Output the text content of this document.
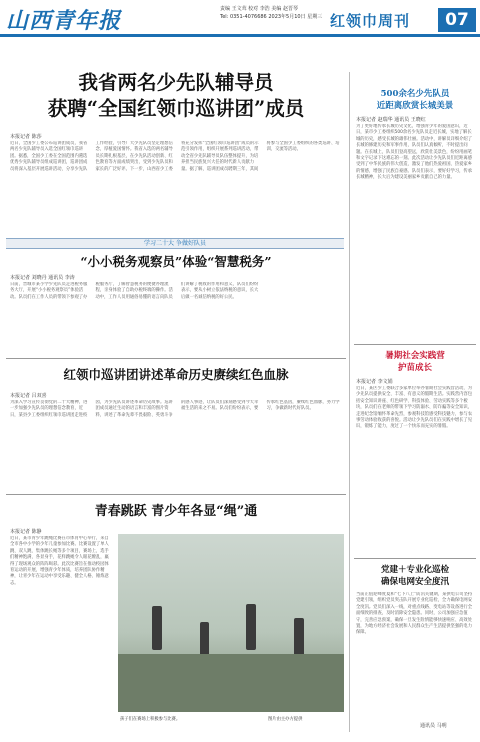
山西青年报	责编 王文茸 校对 李浩 美编 赵晋琴
Tel: 0351-4076686 2023年5月10日 星期三 红领巾周刊	07
我省两名少先队辅导员
获聘“全国红领巾巡讲团”成员
本报记者 陈莎
近日，全国少工委公布巡讲团成员，我省两名少先队辅导员入选全国红领巾巡讲团。据悉，全国少工委在全国范围内遴选优秀少先队辅导员组成巡讲团，巡讲团成员将深入基层开展巡讲活动，分享少先队工作经验，引导广大少先队员坚定理想信念，厚植爱国情怀。我省入选的两名辅导员长期扎根基层，在少先队活动创新、红色教育等方面成绩突出，受到少先队员和家长的广泛好评。下一步，山西省少工委将充分发挥“全国红领巾巡讲团”成员的示范引领作用，组织开展系列巡讲活动，带动全省少先队辅导员队伍整体提升，为培养担当民族复兴大任的时代新人贡献力量。据了解，巡讲团成员聘期三年，其间将参与全国少工委组织的各类巡讲、培训、交流等活动。
学习二十大 争做好队员
“小小税务观察员”体验“智慧税务”
本报记者 刘晓丹 通讯员 李涛
日前，晋城市某小学少先队员走进税务服务大厅，开展“小小税务观察员”体验活动。队员们在工作人员的带领下参观了办税服务厅，了解智慧税务的便捷办理流程，亲身体验了自助办税终端的操作。活动中，工作人员用通俗易懂的语言向队员们讲解了税收的作用和意义，队员们纷纷表示，要从小树立依法纳税的意识，长大后做一名诚信纳税的好公民。
红领巾巡讲团讲述革命历史赓续红色血脉
本报记者 吕双喜
为深入学习宣传贯彻党的二十大精神，进一步加强少先队员的理想信念教育，近日，某县少工委组织红领巾巡讲团走进校园，为少先队员讲述革命历史故事。巡讲团成员通过生动的语言和丰富的图片资料，讲述了革命先辈不畏艰险、英勇斗争的感人事迹，让队员们深刻感受到今天幸福生活的来之不易。队员们纷纷表示，要传承红色基因，赓续红色血脉，努力学习，争做新时代好队员。
青春跳跃 青少年各显“绳”通
本报记者 陈静
近日，某市青少年跳绳比赛在市体育中心举行，来自全市各中小学的少年儿童参加比赛。比赛设置了单人跳、双人跳、集体跳长绳等多个项目，赛场上，选手们精神饱满，各显身手，花样跳绳令人眼花缭乱，赢得了现场观众的阵阵喝彩。此次比赛旨在推动校园体育运动的开展，增强青少年体质，培养团队协作精神，让青少年在运动中享受乐趣、健全人格、锤炼意志。
孩子们在赛场上积极参与比赛。	图片由主办方提供
500余名少先队员
近距离欣赏长城美景
本报记者 赵瑞华 通讯员 王晓红
为了更好地传承长城历史文化，增强青少年的爱国意识，近日，某市少工委组织500余名少先队员走近长城，实地了解长城的历史，感受长城的雄伟壮丽。活动中，讲解员详细介绍了长城的修建历史和军事作用，队员们认真倾听，不时提出问题。在长城上，队员们登高望远，欣赏壮美景色，纷纷用画笔和文字记录下这难忘的一刻。此次活动让少先队员们近距离感受到了中华民族的伟大创造，激发了他们热爱祖国、热爱家乡的情感，增强了民族自豪感。队员们表示，要好好学习，传承长城精神，长大后为建设美丽家乡贡献自己的力量。
暑期社会实践营
护苗成长
本报记者 李文娟
近日，某区少工委联合多家单位举办暑期社会实践营活动，为少先队员提供安全、丰富、有意义的假期生活。实践营内容包括安全知识讲座、红色研学、科技体验、劳动实践等多个板块，队员们在老师的带领下学习防溺水、防诈骗等安全知识，走进纪念馆缅怀革命先烈，参观科技馆感受科技魅力，参与农事劳动体验收获的喜悦。活动让少先队员们在实践中增长了见识，锻炼了能力，度过了一个快乐而充实的暑假。
党建＋专业化巡检
确保电网安全度汛
当前正值迎峰度夏和“七下八上”防汛关键期，某供电公司坚持党建引领，组织党员突击队开展专业化巡检，全力确保电网安全度汛。党员们深入一线，对重点线路、变电站等设备进行全面细致的排查，及时消除安全隐患。同时，公司加强应急值守，完善应急预案，确保一旦发生险情能够快速响应、高效处置，为地方经济社会发展和人民群众生产生活提供坚强的电力保障。
通讯员 马明
